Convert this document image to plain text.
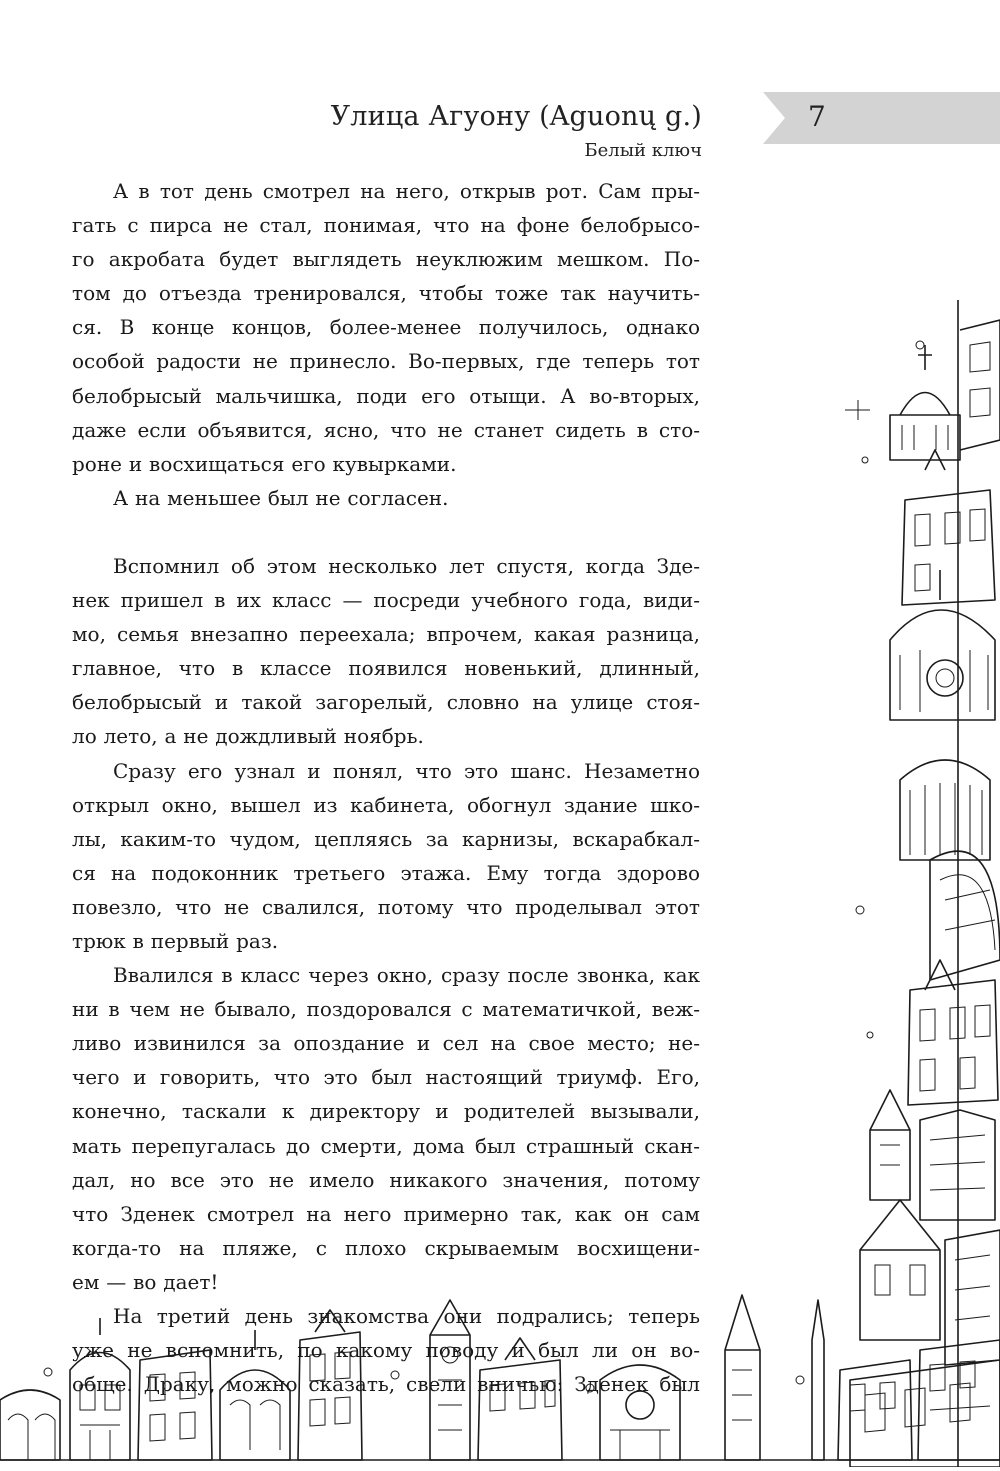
7
Улица Агуону (Aguonų g.)
Белый ключ
А в тот день смотрел на него, открыв рот. Сам пры-
гать с пирса не стал, понимая, что на фоне белобрысо-
го акробата будет выглядеть неуклюжим мешком. По-
том до отъезда тренировался, чтобы тоже так научить-
ся. В конце концов, более-менее получилось, однако
особой радости не принесло. Во-первых, где теперь тот
белобрысый мальчишка, поди его отыщи. А во-вторых,
даже если объявится, ясно, что не станет сидеть в сто-
роне и восхищаться его кувырками.
А на меньшее был не согласен.
Вспомнил об этом несколько лет спустя, когда Зде-
нек пришел в их класс — посреди учебного года, види-
мо, семья внезапно переехала; впрочем, какая разница,
главное, что в классе появился новенький, длинный,
белобрысый и такой загорелый, словно на улице стоя-
ло лето, а не дождливый ноябрь.
Сразу его узнал и понял, что это шанс. Незаметно
открыл окно, вышел из кабинета, обогнул здание шко-
лы, каким-то чудом, цепляясь за карнизы, вскарабкал-
ся на подоконник третьего этажа. Ему тогда здорово
повезло, что не свалился, потому что проделывал этот
трюк в первый раз.
Ввалился в класс через окно, сразу после звонка, как
ни в чем не бывало, поздоровался с математичкой, веж-
ливо извинился за опоздание и сел на свое место; не-
чего и говорить, что это был настоящий триумф. Его,
конечно, таскали к директору и родителей вызывали,
мать перепугалась до смерти, дома был страшный скан-
дал, но все это не имело никакого значения, потому
что Зденек смотрел на него примерно так, как он сам
когда-то на пляже, с плохо скрываемым восхищени-
ем — во дает!
На третий день знакомства они подрались; теперь
уже не вспомнить, по какому поводу и был ли он во-
обще. Драку, можно сказать, свели вничью: Зденек был
